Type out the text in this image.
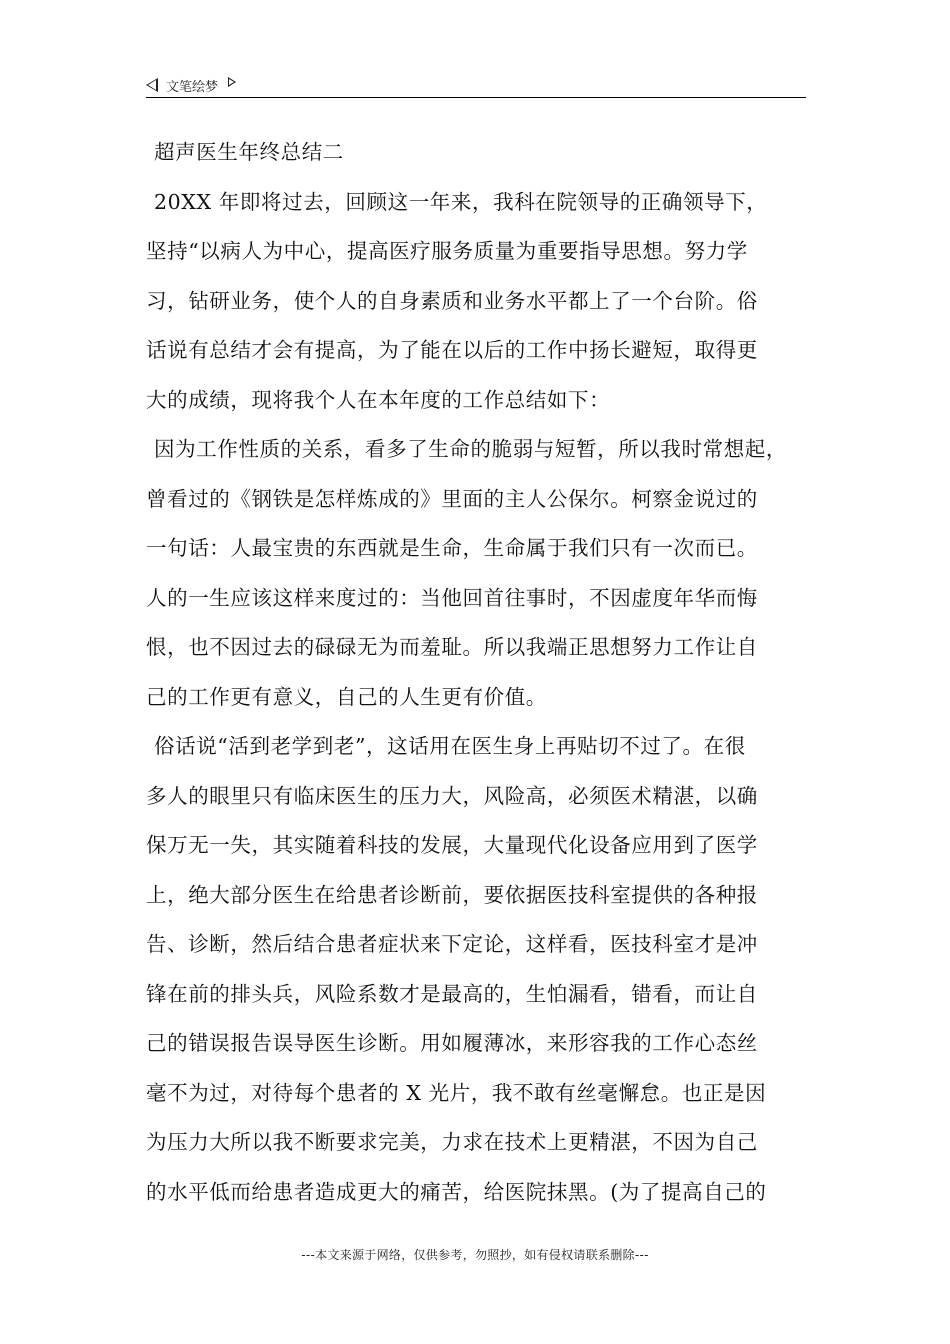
文笔绘梦
超声医生年终总结二
20XX 年即将过去，回顾这一年来，我科在院领导的正确领导下，
坚持“以病人为中心，提高医疗服务质量为重要指导思想。努力学
习，钻研业务，使个人的自身素质和业务水平都上了一个台阶。俗
话说有总结才会有提高，为了能在以后的工作中扬长避短，取得更
大的成绩，现将我个人在本年度的工作总结如下：
因为工作性质的关系，看多了生命的脆弱与短暂，所以我时常想起，
曾看过的《钢铁是怎样炼成的》里面的主人公保尔。柯察金说过的
一句话：人最宝贵的东西就是生命，生命属于我们只有一次而已。
人的一生应该这样来度过的：当他回首往事时，不因虚度年华而悔
恨，也不因过去的碌碌无为而羞耻。所以我端正思想努力工作让自
己的工作更有意义，自己的人生更有价值。
俗话说“活到老学到老”，这话用在医生身上再贴切不过了。在很
多人的眼里只有临床医生的压力大，风险高，必须医术精湛，以确
保万无一失，其实随着科技的发展，大量现代化设备应用到了医学
上，绝大部分医生在给患者诊断前，要依据医技科室提供的各种报
告、诊断，然后结合患者症状来下定论，这样看，医技科室才是冲
锋在前的排头兵，风险系数才是最高的，生怕漏看，错看，而让自
己的错误报告误导医生诊断。用如履薄冰，来形容我的工作心态丝
毫不为过，对待每个患者的 X 光片，我不敢有丝毫懈怠。也正是因
为压力大所以我不断要求完美，力求在技术上更精湛，不因为自己
的水平低而给患者造成更大的痛苦，给医院抹黑。(为了提高自己的
---本文来源于网络，仅供参考，勿照抄，如有侵权请联系删除---
